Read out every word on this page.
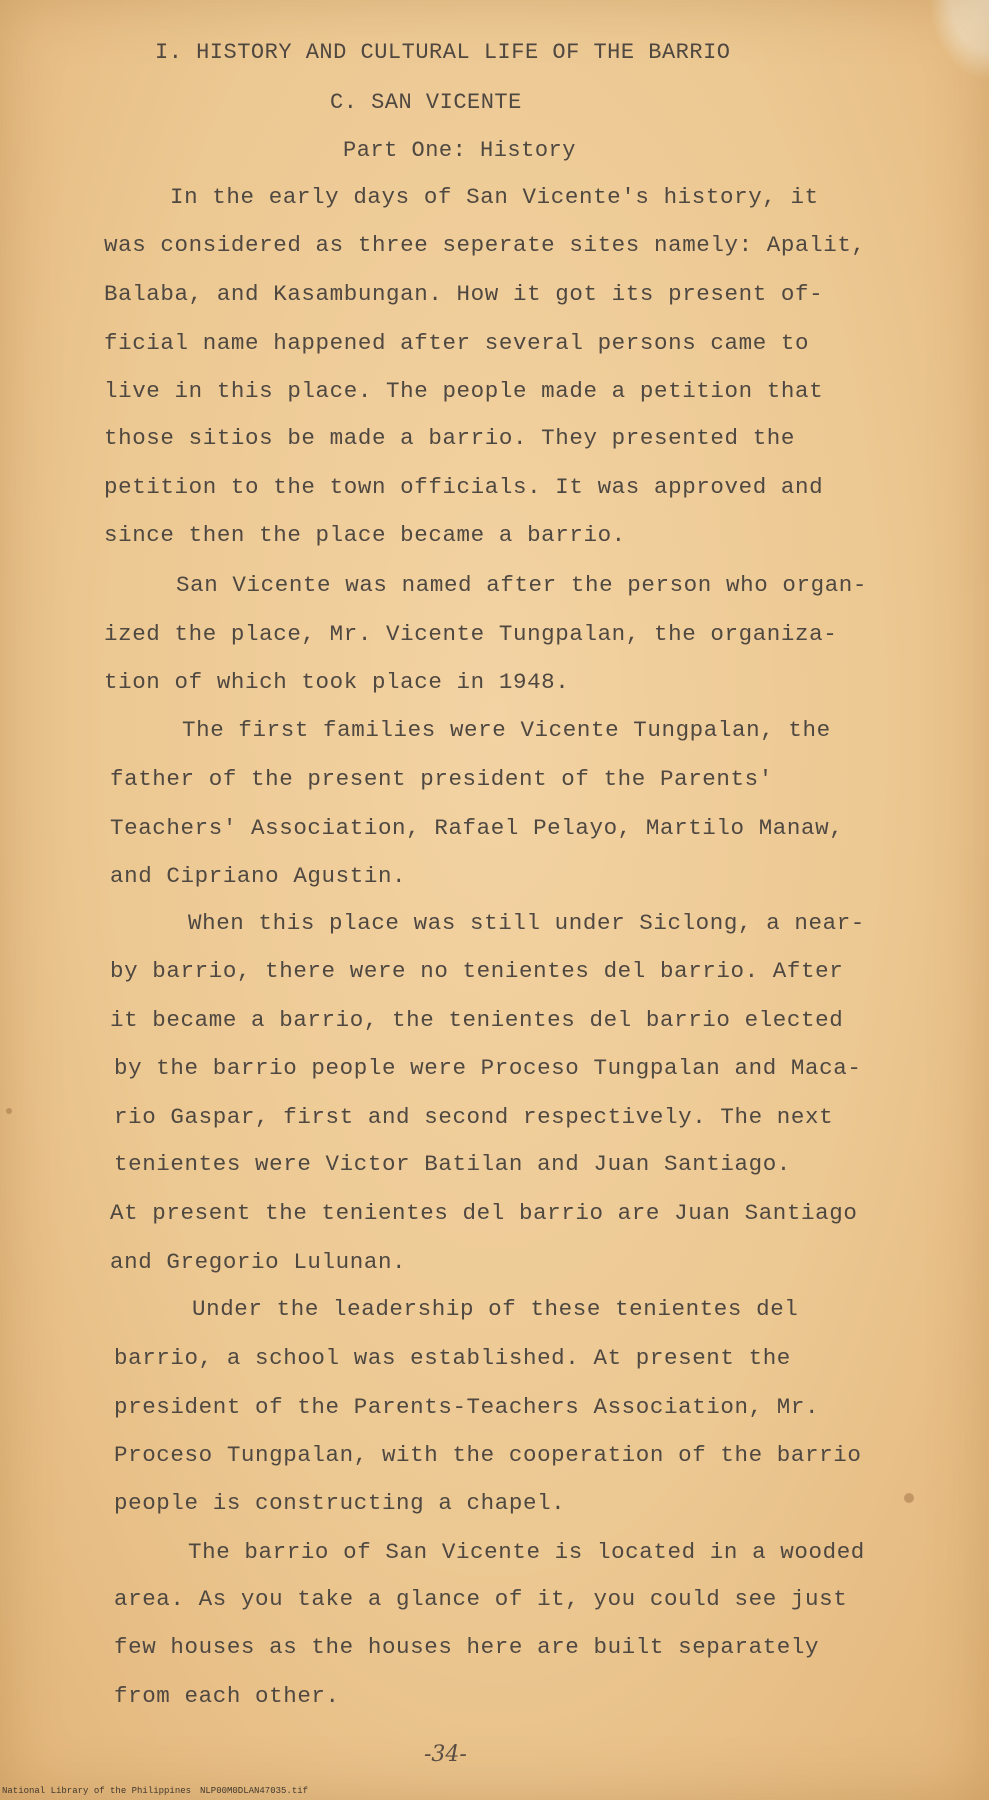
I. HISTORY AND CULTURAL LIFE OF THE BARRIO
C. SAN VICENTE
Part One: History
In the early days of San Vicente's history, it
was considered as three seperate sites namely: Apalit,
Balaba, and Kasambungan. How it got its present of-
ficial name happened after several persons came to
live in this place. The people made a petition that
those sitios be made a barrio. They presented the
petition to the town officials. It was approved and
since then the place became a barrio.
San Vicente was named after the person who organ-
ized the place, Mr. Vicente Tungpalan, the organiza-
tion of which took place in 1948.
The first families were Vicente Tungpalan, the
father of the present president of the Parents'
Teachers' Association, Rafael Pelayo, Martilo Manaw,
and Cipriano Agustin.
When this place was still under Siclong, a near-
by barrio, there were no tenientes del barrio. After
it became a barrio, the tenientes del barrio elected
by the barrio people were Proceso Tungpalan and Maca-
rio Gaspar, first and second respectively. The next
tenientes were Victor Batilan and Juan Santiago.
At present the tenientes del barrio are Juan Santiago
and Gregorio Lulunan.
Under the leadership of these tenientes del
barrio, a school was established. At present the
president of the Parents-Teachers Association, Mr.
Proceso Tungpalan, with the cooperation of the barrio
people is constructing a chapel.
The barrio of San Vicente is located in a wooded
area. As you take a glance of it, you could see just
few houses as the houses here are built separately
from each other.
-34-
National Library of the Philippines NLP00M0DLAN47035.tif
